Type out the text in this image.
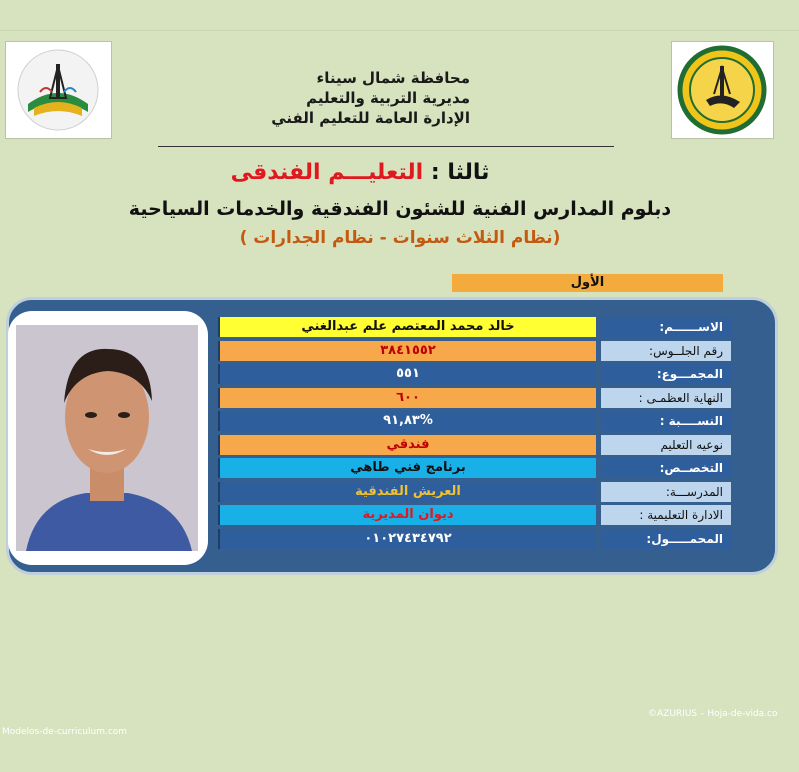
محافظة شمال سيناء
مديرية التربية والتعليم
الإدارة العامة للتعليم الفني
ثالثا : التعليـــم الفندقى
دبلوم المدارس الفنية للشئون الفندقية والخدمات السياحية
(نظام الثلاث سنوات - نظام الجدارات )
الأول
خالد محمد المعتصم علم عبدالغني	الاســــــم:
٣٨٤١٥٥٢	رقم الجلــوس:
٥٥١	المجمـــوع:
٦٠٠	النهاية العظمـى :
%٩١,٨٣	النســــبة :
فندقي	نوعيه التعليم
برنامج فني طاهي	التخصــص:
العريش الفندقية	المدرســـة:
ديوان المديرية	الادارة التعليمية :
٠١٠٢٧٤٣٤٧٩٢	المحمـــــول:
©AZURIUS – Hoja-de-vida.co
Modelos-de-curriculum.com
